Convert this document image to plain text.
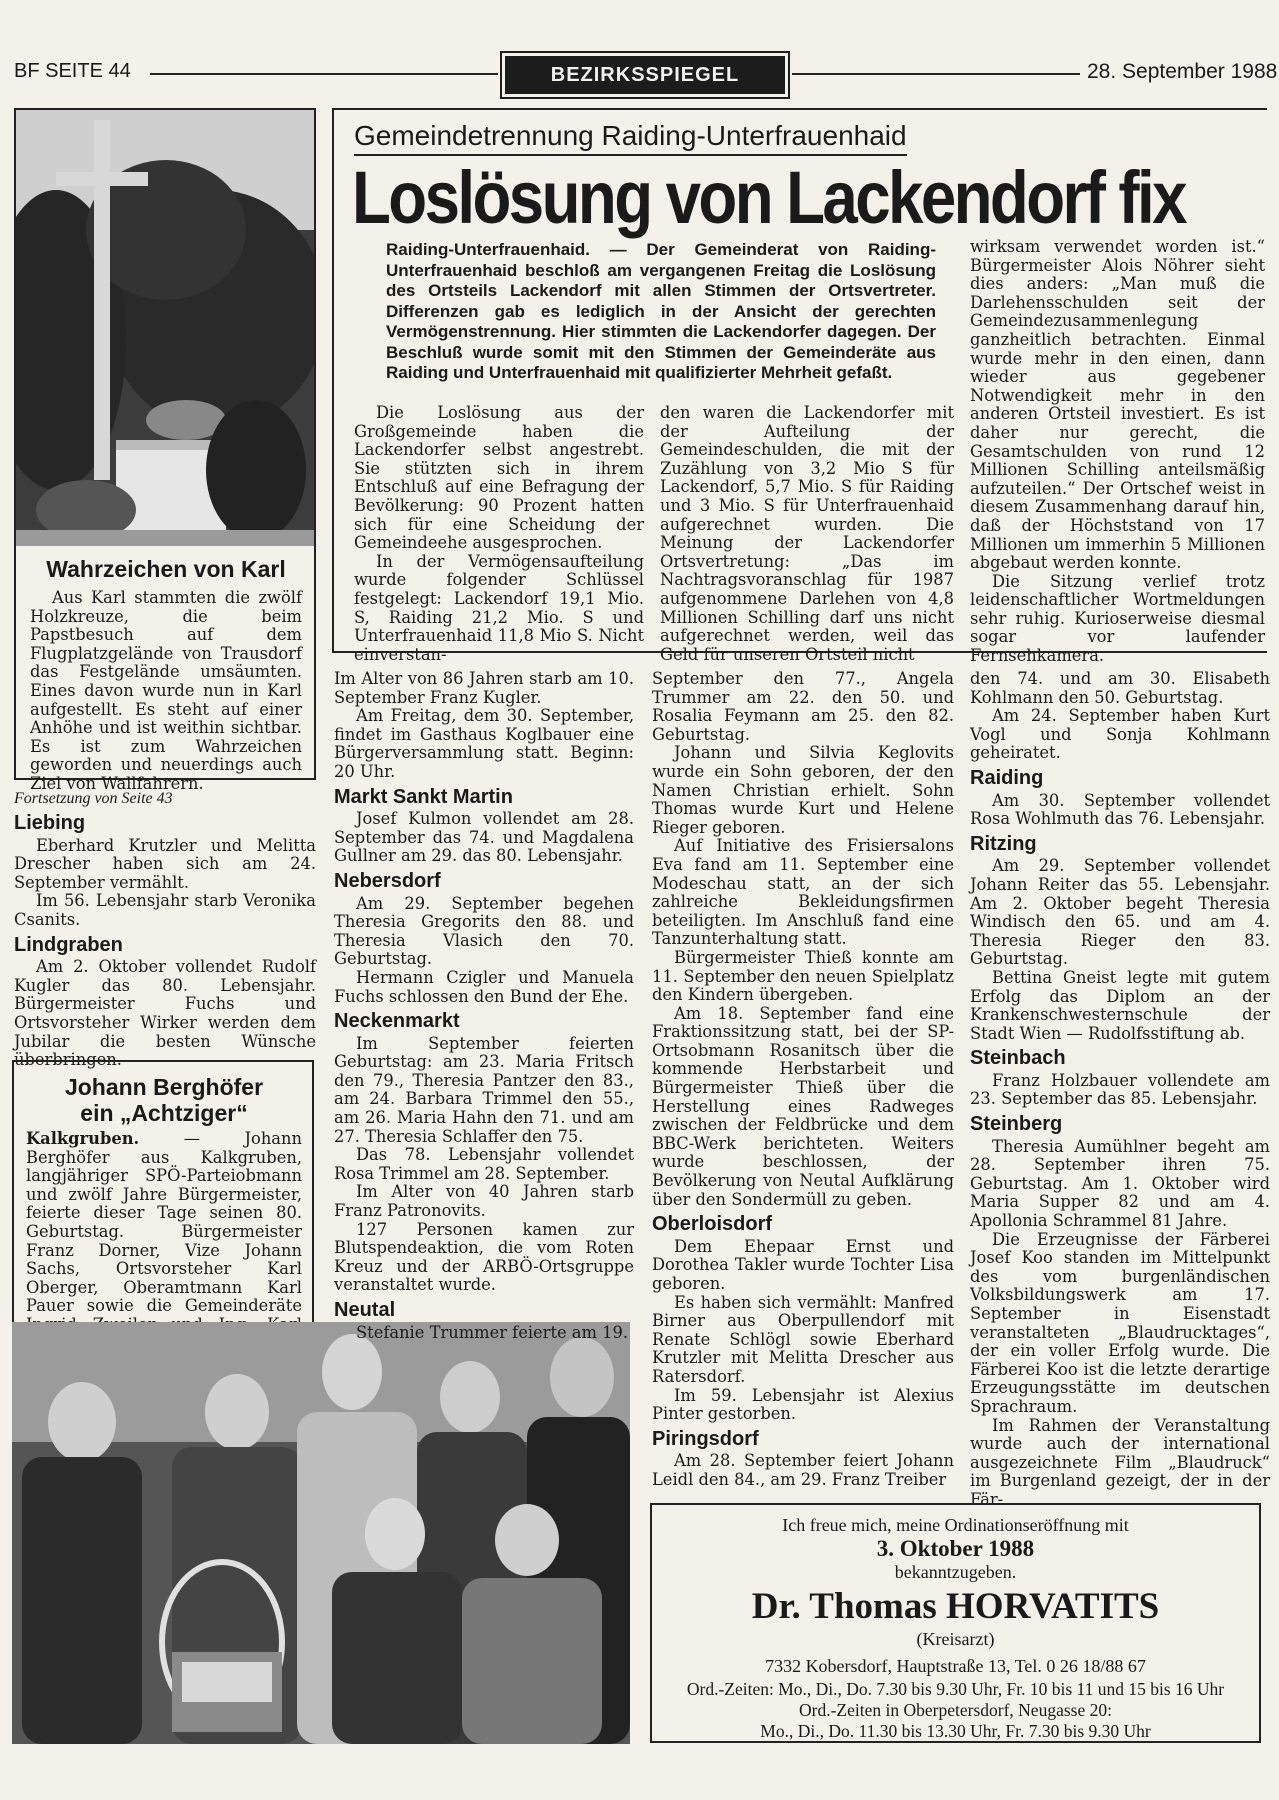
BF SEITE 44	BEZIRKSSPIEGEL	28. September 1988
Wahrzeichen von Karl

Aus Karl stammten die zwölf Holzkreuze, die beim Papstbesuch auf dem Flugplatzgelände von Trausdorf das Festgelände umsäumten. Eines davon wurde nun in Karl aufgestellt. Es steht auf einer Anhöhe und ist weithin sichtbar. Es ist zum Wahrzeichen geworden und neuerdings auch Ziel von Wallfahrern.

Fortsetzung von Seite 43
Liebing

Eberhard Krutzler und Melitta Drescher haben sich am 24. September vermählt.

Im 56. Lebensjahr starb Veronika Csanits.

Lindgraben

Am 2. Oktober vollendet Rudolf Kugler das 80. Lebensjahr. Bürgermeister Fuchs und Ortsvorsteher Wirker werden dem Jubilar die besten Wünsche überbringen.

Johann Berghöfer
ein „Achtziger“

Kalkgruben.	— Johann Berghöfer aus Kalkgruben, langjähriger SPÖ-Parteiobmann und zwölf Jahre Bürgermeister, feierte dieser Tage seinen 80. Geburtstag. Bürgermeister Franz Dorner, Vize Johann Sachs, Ortsvorsteher Karl Oberger, Oberamtmann Karl Pauer sowie die Gemeinderäte

Gemeindetrennung Raiding-Unterfrauenhaid
Loslösung von Lackendorf fix
Raiding-Unterfrauenhaid. — Der Gemeinderat von Raiding-Unterfrauenhaid beschloß am vergangenen Freitag die Loslösung des Ortsteils Lackendorf mit allen Stimmen der Ortsvertreter. Differenzen gab es lediglich in der Ansicht der gerechten Vermögenstrennung. Hier stimmten die Lackendorfer dagegen. Der Beschluß wurde somit mit den Stimmen der Gemeinderäte aus Raiding und Unterfrauenhaid mit qualifizierter Mehrheit gefaßt.

Die Loslösung aus der Großgemeinde haben die Lackendorfer selbst angestrebt. Sie stützten sich in ihrem Entschluß auf eine Befragung der Bevölkerung: 90 Prozent hatten sich für eine Scheidung der Gemeindeehe ausgesprochen.

In der Vermögensaufteilung wurde folgender Schlüssel festgelegt: Lackendorf 19,1 Mio. S, Raiding 21,2 Mio. S und Unterfrauenhaid 11,8 Mio S. Nicht einverstan-

den waren die Lackendorfer mit der Aufteilung der Gemeindeschulden, die mit der Zuzählung von 3,2 Mio S für Lackendorf, 5,7 Mio. S für Raiding und 3 Mio. S für Unterfrauenhaid aufgerechnet wurden. Die Meinung der Lackendorfer Ortsvertretung: „Das im Nachtragsvoranschlag für 1987 aufgenommene Darlehen von 4,8 Millionen Schilling darf uns nicht aufgerechnet werden, weil das Geld für unseren Ortsteil nicht

wirksam verwendet worden ist.“ Bürgermeister Alois Nöhrer sieht dies anders: „Man muß die Darlehensschulden seit der Gemeindezusammenlegung ganzheitlich betrachten. Einmal wurde mehr in den einen, dann wieder aus gegebener Notwendigkeit mehr in den anderen Ortsteil investiert. Es ist daher nur gerecht, die Gesamtschulden von rund 12 Millionen Schilling anteilsmäßig aufzuteilen.“ Der Ortschef weist in diesem Zusammenhang darauf hin, daß der Höchststand von 17 Millionen um immerhin 5 Millionen abgebaut werden konnte.

Die Sitzung verlief trotz leidenschaftlicher Wortmeldungen sehr ruhig. Kurioserweise diesmal sogar vor laufender Fernsehkamera.

Im Alter von 86 Jahren starb am 10. September Franz Kugler.

Am Freitag, dem 30. September, findet im Gasthaus Koglbauer eine Bürgerversammlung statt. Beginn: 20 Uhr.

Markt Sankt Martin

Josef Kulmon vollendet am 28. September das 74. und Magdalena Gullner am 29. das 80. Lebensjahr.

Nebersdorf

Am 29. September begehen Theresia Gregorits den 88. und Theresia Vlasich den 70. Geburtstag.

Hermann Czigler und Manuela Fuchs schlossen den Bund der Ehe.

Neckenmarkt

Im September feierten Geburtstag: am 23. Maria Fritsch den 79., Theresia Pantzer den 83., am 24. Barbara Trimmel den 55., am 26. Maria Hahn den 71. und am 27. Theresia Schlaffer den 75.

Das 78. Lebensjahr vollendet Rosa Trimmel am 28. September.

Im Alter von 40 Jahren starb Franz Patronovits.

127 Personen kamen zur Blutspendeaktion, die vom Roten Kreuz und der ARBÖ-Ortsgruppe veranstaltet wurde.

Neutal

Stefanie Trummer feierte am 19.

September den 77., Angela Trummer am 22. den 50. und Rosalia Feymann am 25. den 82. Geburtstag.

Johann und Silvia Keglovits wurde ein Sohn geboren, der den Namen Christian erhielt. Sohn Thomas wurde Kurt und Helene Rieger geboren.

Auf Initiative des Frisiersalons Eva fand am 11. September eine Modeschau statt, an der sich zahlreiche Bekleidungsfirmen beteiligten. Im Anschluß fand eine Tanzunterhaltung statt.

Bürgermeister Thieß konnte am 11. September den neuen Spielplatz den Kindern übergeben.

Am 18. September fand eine Fraktionssitzung statt, bei der SP-Ortsobmann Rosanitsch über die kommende Herbstarbeit und Bürgermeister Thieß über die Herstellung eines Radweges zwischen der Feldbrücke und dem BBC-Werk berichteten. Weiters wurde beschlossen, der Bevölkerung von Neutal Aufklärung über den Sondermüll zu geben.

Oberloisdorf

Dem Ehepaar Ernst und Dorothea Takler wurde Tochter Lisa geboren.

Es haben sich vermählt: Manfred Birner aus Oberpullendorf mit Renate Schlögl sowie Eberhard Krutzler mit Melitta Drescher aus Ratersdorf.

Im 59. Lebensjahr ist Alexius Pinter gestorben.

Piringsdorf

Am 28. September feiert Johann Leidl den 84., am 29. Franz Treiber

den 74. und am 30. Elisabeth Kohlmann den 50. Geburtstag.

Am 24. September haben Kurt Vogl und Sonja Kohlmann geheiratet.

Raiding

Am 30. September vollendet Rosa Wohlmuth das 76. Lebensjahr.

Ritzing

Am 29. September vollendet Johann Reiter das 55. Lebensjahr. Am 2. Oktober begeht Theresia Windisch den 65. und am 4. Theresia Rieger den 83. Geburtstag.

Bettina Gneist legte mit gutem Erfolg das Diplom an der Krankenschwesternschule der Stadt Wien — Rudolfsstiftung ab.

Steinbach

Franz Holzbauer vollendete am 23. September das 85. Lebensjahr.

Steinberg

Theresia Aumühlner begeht am 28. September ihren 75. Geburtstag. Am 1. Oktober wird Maria Supper 82 und am 4. Apollonia Schrammel 81 Jahre.

Die Erzeugnisse der Färberei Josef Koo standen im Mittelpunkt des vom burgenländischen Volksbildungswerk am 17. September in Eisenstadt veranstalteten „Blaudrucktages“, der ein voller Erfolg wurde. Die Färberei Koo ist die letzte derartige Erzeugungsstätte im deutschen Sprachraum.

Im Rahmen der Veranstaltung wurde auch der international ausgezeichnete Film „Blaudruck“ im Burgenland gezeigt, der in der Fär-

Ich freue mich, meine Ordinationseröffnung mit
3. Oktober 1988
bekanntzugeben.
Dr. Thomas HORVATITS
(Kreisarzt)
7332 Kobersdorf, Hauptstraße 13, Tel. 0 26 18/88 67
Ord.-Zeiten: Mo., Di., Do. 7.30 bis 9.30 Uhr, Fr. 10 bis 11 und 15 bis 16 Uhr
Ord.-Zeiten in Oberpetersdorf, Neugasse 20:
Mo., Di., Do. 11.30 bis 13.30 Uhr, Fr. 7.30 bis 9.30 Uhr
